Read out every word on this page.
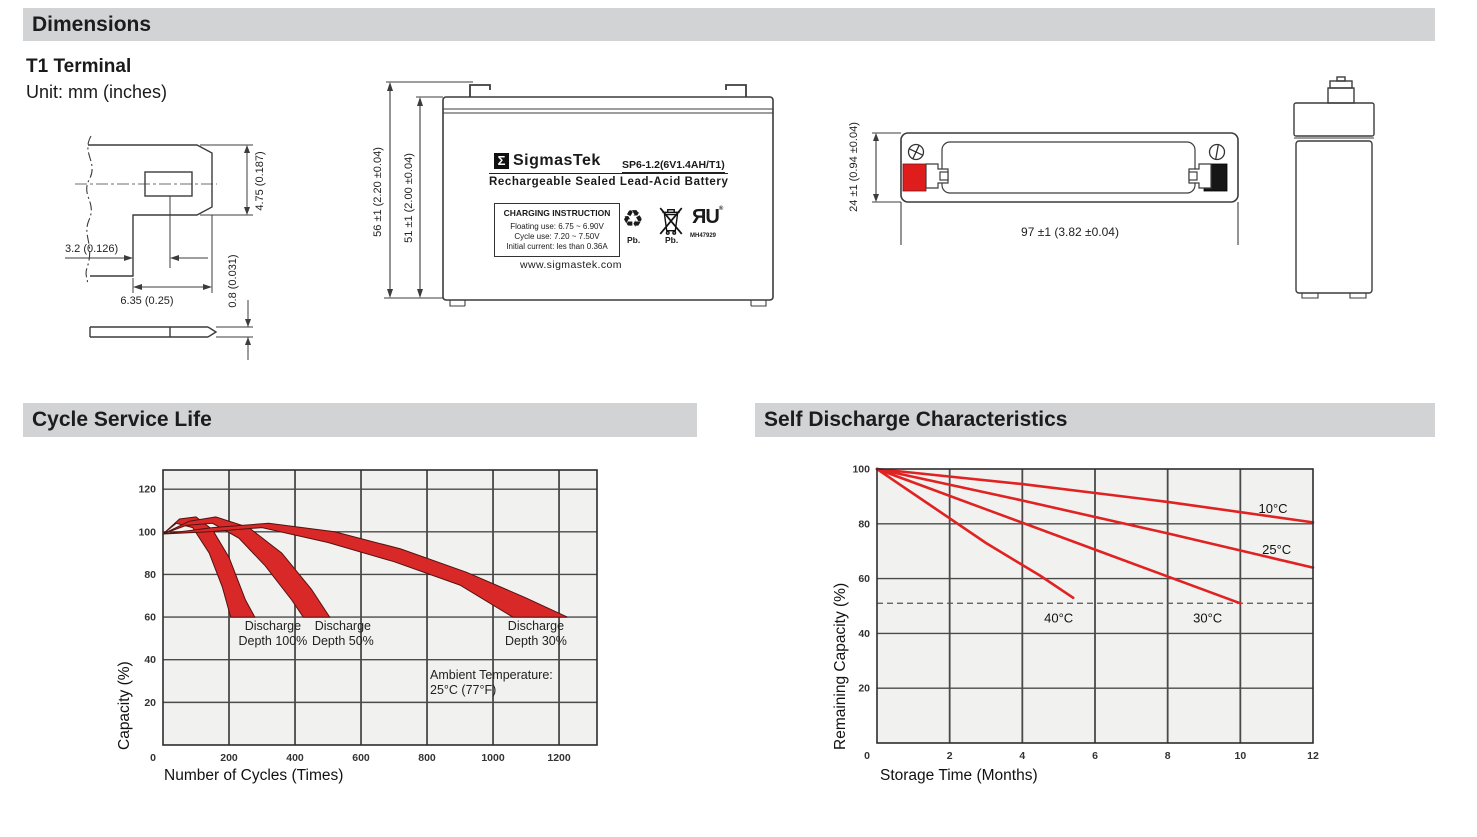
Dimensions
T1 Terminal
Unit: mm (inches)
3.2 (0.126)
6.35 (0.25)
4.75 (0.187)
0.8 (0.031)
56 ±1 (2.20 ±0.04) 51 ±1 (2.00 ±0.04)	Σ SigmasTek SP6-1.2(6V1.4AH/T1)
Rechargeable Sealed Lead-Acid Battery
CHARGING INSTRUCTION
Floating use: 6.75 ~ 6.90V
Cycle use: 7.20 ~ 7.50V
Initial current: les than 0.36A
www.sigmastek.com
♻
Pb.	Pb.
ЯU®
MH47929
24 ±1 (0.94 ±0.04)
97 ±1 (3.82 ±0.04)
Cycle Service Life	Self Discharge Characteristics
Capacity (%)
Number of Cycles (Times)
20
40
60
80
100
120
0	200	400	600	800	1000	1200
Discharge
Depth 100%
Discharge
Depth 50%
Discharge
Depth 30%
Ambient Temperature:
25°C (77°F)	Remaining Capacity (%)
Storage Time (Months)
10°C
25°C
30°C
40°C
20
40
60
80
100
0	2	4	6	8	10	12
